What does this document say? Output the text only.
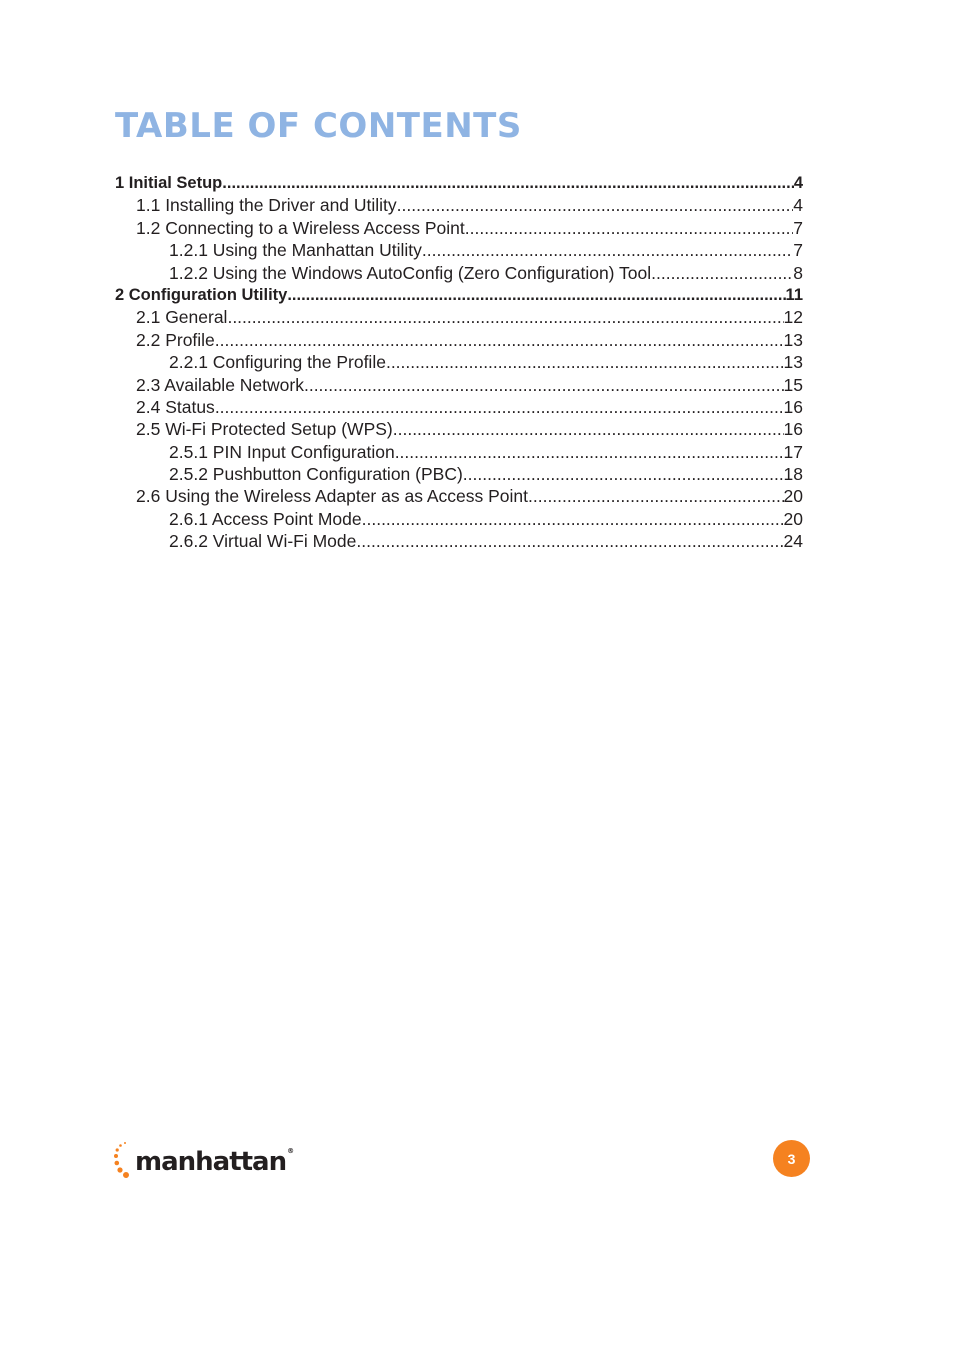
TABLE OF CONTENTS
1 Initial Setup .....	4
1.1 Installing the Driver and Utility .....	4
1.2 Connecting to a Wireless Access Point .....	7
1.2.1 Using the Manhattan Utility .....	7
1.2.2 Using the Windows AutoConfig (Zero Configuration) Tool .....	8
2 Configuration Utility .....	11
2.1 General .....	12
2.2 Profile .....	13
2.2.1 Configuring the Profile .....	13
2.3 Available Network .....	15
2.4 Status .....	16
2.5 Wi-Fi Protected Setup (WPS) .....	16
2.5.1 PIN Input Configuration........ .....	17
2.5.2 Pushbutton Configuration (PBC) .....	18
2.6 Using the Wireless Adapter as as Access Point .....	20
2.6.1 Access Point Mode .....	20
2.6.2 Virtual Wi-Fi Mode .....	24
manhattan®	3
